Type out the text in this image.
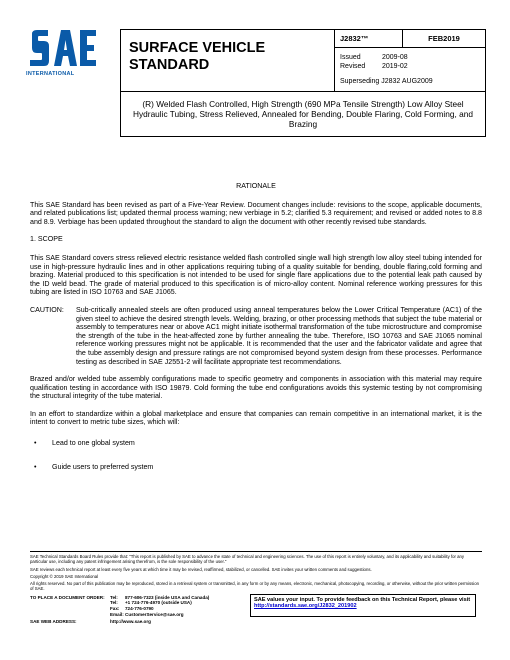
INTERNATIONAL
SURFACE VEHICLE
STANDARD
	J2832™	FEB2019

Issued	2009-08
Revised	2019-02
Superseding J2832 AUG2009

(R) Welded Flash Controlled, High Strength (690 MPa Tensile Strength) Low Alloy Steel Hydraulic Tubing, Stress Relieved, Annealed for Bending, Double Flaring, Cold Forming, and Brazing
RATIONALE

This SAE Standard has been revised as part of a Five-Year Review. Document changes include: revisions to the scope, applicable documents, and related publications list; updated thermal process warning; new verbiage in 5.2; clarified 5.3 requirement; and revised or added notes to 8.8 and 8.9. Verbiage has been updated throughout the standard to align the document with other recently revised tube standards.

1. SCOPE

This SAE Standard covers stress relieved electric resistance welded flash controlled single wall high strength low alloy steel tubing intended for use in high-pressure hydraulic lines and in other applications requiring tubing of a quality suitable for bending, double flaring,cold forming and brazing. Material produced to this specification is not intended to be used for single flare applications due to the potential leak path caused by the ID weld bead. The grade of material produced to this specification is of micro-alloy content. Nominal reference working pressures for this tubing are listed in ISO 10763 and SAE J1065.

CAUTION:	Sub-critically annealed steels are often produced using anneal temperatures below the Lower Critical Temperature (AC1) of the given steel to achieve the desired strength levels. Welding, brazing, or other processing methods that subject the tube material or assembly to temperatures near or above AC1 might initiate isothermal transformation of the tube microstructure and compromise the strength of the tube in the heat-affected zone by further annealing the tube. Therefore, ISO 10763 and SAE J1065 nominal reference working pressures might not be applicable. It is recommended that the user and the fabricator validate and agree that the tube assembly design and pressure ratings are not compromised beyond system design from these processes. Performance testing as described in SAE J2551-2 will facilitate appropriate test recommendations.

Brazed and/or welded tube assembly configurations made to specific geometry and components in association with this material may require qualification testing in accordance with ISO 19879. Cold forming the tube end configurations avoids this systemic testing by not compromising the structural integrity of the tube material.

In an effort to standardize within a global marketplace and ensure that companies can remain competitive in an international market, it is the intent to convert to metric tube sizes, which will:

•	Lead to one global system
•	Guide users to preferred system

SAE Technical Standards Board Rules provide that: "This report is published by SAE to advance the state of technical and engineering sciences. The use of this report is entirely voluntary, and its applicability and suitability for any particular use, including any patent infringement arising therefrom, is the sole responsibility of the user."

SAE reviews each technical report at least every five years at which time it may be revised, reaffirmed, stabilized, or cancelled. SAE invites your written comments and suggestions.

Copyright © 2019 SAE International

All rights reserved. No part of this publication may be reproduced, stored in a retrieval system or transmitted, in any form or by any means, electronic, mechanical, photocopying, recording, or otherwise, without the prior written permission of SAE.

TO PLACE A DOCUMENT ORDER:	Tel:	877-606-7323 (inside USA and Canada)
Tel:	+1 724-776-4970 (outside USA)
Fax:	724-776-0790
Email: CustomerService@sae.org
SAE values your input. To provide feedback on this Technical Report, please visit
http://standards.sae.org/J2832_201902
SAE WEB ADDRESS:	http://www.sae.org
